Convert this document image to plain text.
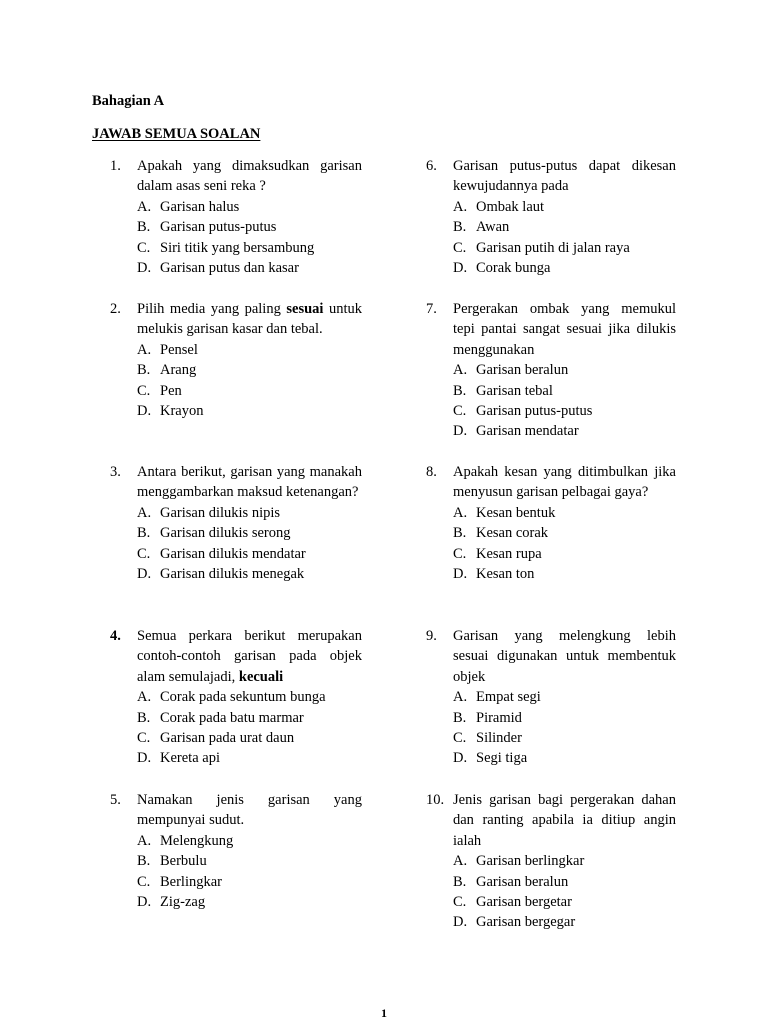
Bahagian A
JAWAB SEMUA SOALAN
1.	Apakah yang dimaksudkan garisan dalam asas seni reka ?
A. Garisan halus
B. Garisan putus-putus
C. Siri titik yang bersambung
D. Garisan putus dan kasar
2.	Pilih media yang paling sesuai untuk melukis garisan kasar dan tebal.
A. Pensel
B. Arang
C. Pen
D. Krayon
3.	Antara berikut, garisan yang manakah menggambarkan maksud ketenangan?
A. Garisan dilukis nipis
B. Garisan dilukis serong
C. Garisan dilukis mendatar
D. Garisan dilukis menegak
4.	Semua perkara berikut merupakan contoh-contoh garisan pada objek alam semulajadi, kecuali
A. Corak pada sekuntum bunga
B. Corak pada batu marmar
C. Garisan pada urat daun
D. Kereta api
5.	Namakan jenis garisan yang mempunyai sudut.
A. Melengkung
B. Berbulu
C. Berlingkar
D. Zig-zag
6.	Garisan putus-putus dapat dikesan kewujudannya pada
A. Ombak laut
B. Awan
C. Garisan putih di jalan raya
D. Corak bunga
7.	Pergerakan ombak yang memukul tepi pantai sangat sesuai jika dilukis menggunakan
A. Garisan beralun
B. Garisan tebal
C. Garisan putus-putus
D. Garisan mendatar
8.	Apakah kesan yang ditimbulkan jika menyusun garisan pelbagai gaya?
A. Kesan bentuk
B. Kesan corak
C. Kesan rupa
D. Kesan ton
9.	Garisan yang melengkung lebih sesuai digunakan untuk membentuk objek
A. Empat segi
B. Piramid
C. Silinder
D. Segi tiga
10. Jenis garisan bagi pergerakan dahan dan ranting apabila ia ditiup angin ialah
A. Garisan berlingkar
B. Garisan beralun
C. Garisan bergetar
D. Garisan bergegar
1
